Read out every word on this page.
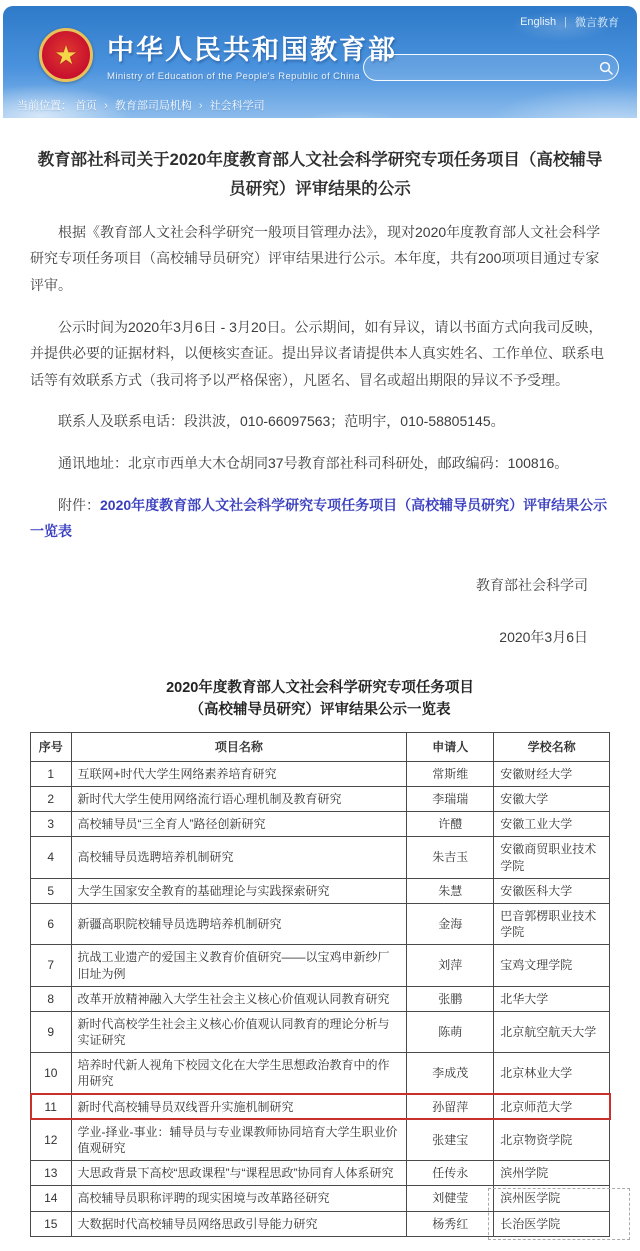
English | 微言教育
★ 中华人民共和国教育部
Ministry of Education of the People's Republic of China
当前位置： 首页 › 教育部司局机构 › 社会科学司
教育部社科司关于2020年度教育部人文社会科学研究专项任务项目（高校辅导员研究）评审结果的公示

根据《教育部人文社会科学研究一般项目管理办法》，现对2020年度教育部人文社会科学研究专项任务项目（高校辅导员研究）评审结果进行公示。本年度，共有200项项目通过专家评审。

公示时间为2020年3月6日 - 3月20日。公示期间，如有异议，请以书面方式向我司反映，并提供必要的证据材料，以便核实查证。提出异议者请提供本人真实姓名、工作单位、联系电话等有效联系方式（我司将予以严格保密），凡匿名、冒名或超出期限的异议不予受理。

联系人及联系电话：段洪波，010-66097563；范明宇，010-58805145。

通讯地址：北京市西单大木仓胡同37号教育部社科司科研处，邮政编码：100816。

附件：2020年度教育部人文社会科学研究专项任务项目（高校辅导员研究）评审结果公示一览表

教育部社会科学司
2020年3月6日
2020年度教育部人文社会科学研究专项任务项目
（高校辅导员研究）评审结果公示一览表
序号	项目名称	申请人	学校名称
1	互联网+时代大学生网络素养培育研究	常斯维	安徽财经大学
2	新时代大学生使用网络流行语心理机制及教育研究	李瑞瑞	安徽大学
3	高校辅导员“三全育人”路径创新研究	许醴	安徽工业大学
4	高校辅导员选聘培养机制研究	朱吉玉	安徽商贸职业技术学院
5	大学生国家安全教育的基础理论与实践探索研究	朱慧	安徽医科大学
6	新疆高职院校辅导员选聘培养机制研究	金海	巴音郭楞职业技术学院
7	抗战工业遗产的爱国主义教育价值研究——以宝鸡申新纱厂旧址为例	刘萍	宝鸡文理学院
8	改革开放精神融入大学生社会主义核心价值观认同教育研究	张鹏	北华大学
9	新时代高校学生社会主义核心价值观认同教育的理论分析与实证研究	陈萌	北京航空航天大学
10	培养时代新人视角下校园文化在大学生思想政治教育中的作用研究	李成茂	北京林业大学
11	新时代高校辅导员双线晋升实施机制研究	孙留萍	北京师范大学
12	学业-择业-事业：辅导员与专业课教师协同培育大学生职业价值观研究	张建宝	北京物资学院
13	大思政背景下高校“思政课程”与“课程思政”协同育人体系研究	任传永	滨州学院
14	高校辅导员职称评聘的现实困境与改革路径研究	刘健莹	滨州医学院
15	大数据时代高校辅导员网络思政引导能力研究	杨秀红	长治医学院
